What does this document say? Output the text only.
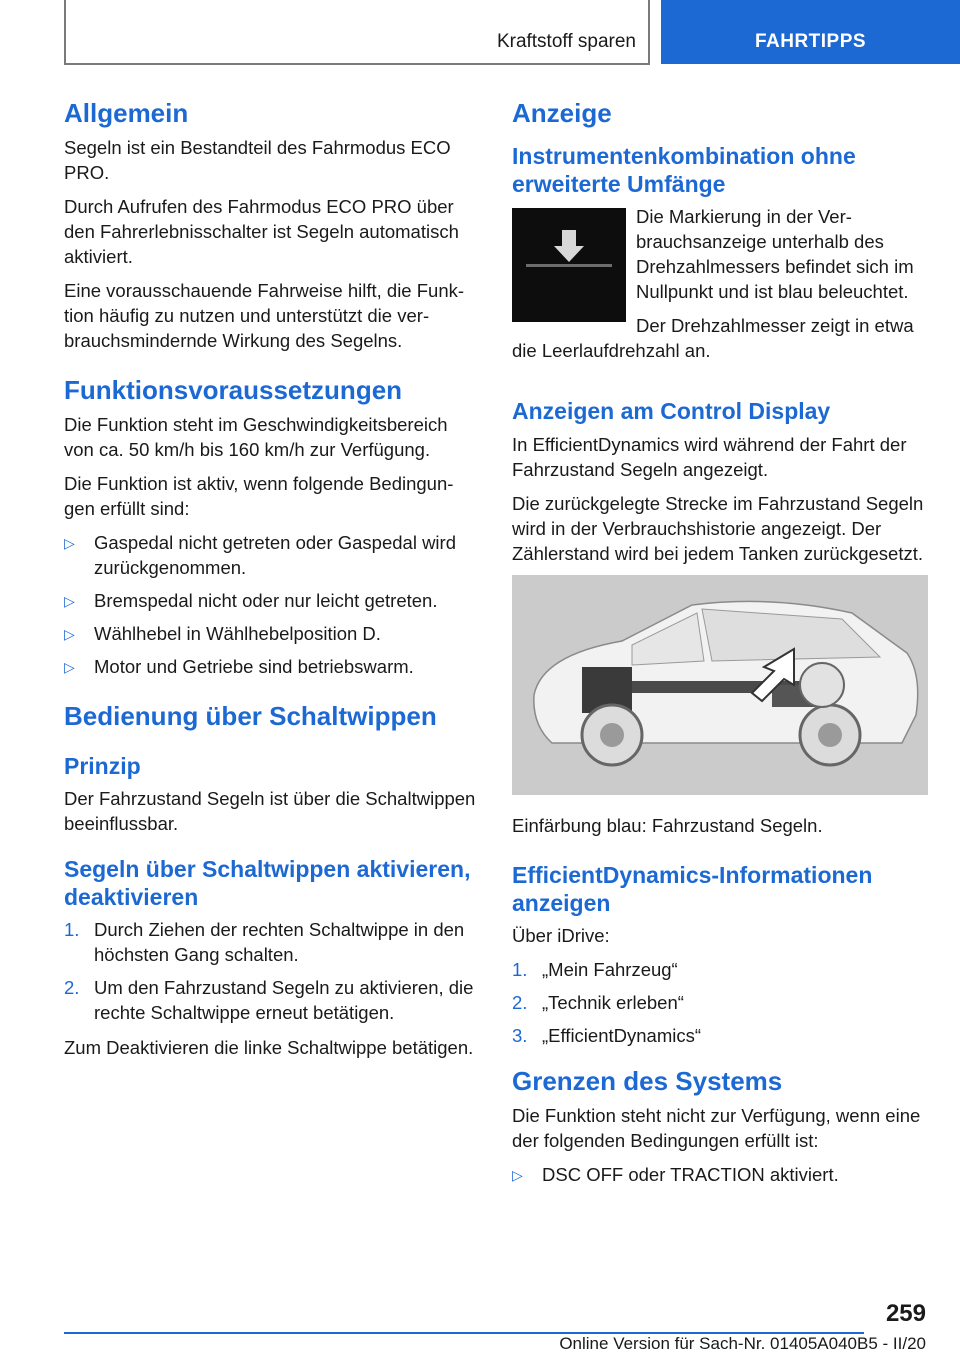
Kraftstoff sparen	FAHRTIPPS
Allgemein

Segeln ist ein Bestandteil des Fahrmodus ECO PRO.

Durch Aufrufen des Fahrmodus ECO PRO über den Fahrerlebnisschalter ist Segeln automatisch aktiviert.

Eine vorausschauende Fahrweise hilft, die Funktion häufig zu nutzen und unterstützt die verbrauchsmindernde Wirkung des Segelns.

Funktionsvoraussetzungen

Die Funktion steht im Geschwindigkeitsbereich von ca. 50 km/h bis 160 km/h zur Verfügung.

Die Funktion ist aktiv, wenn folgende Bedingungen erfüllt sind:

▷ Gaspedal nicht getreten oder Gaspedal wird zurückgenommen.
▷ Bremspedal nicht oder nur leicht getreten.
▷ Wählhebel in Wählhebelposition D.
▷ Motor und Getriebe sind betriebswarm.
Bedienung über Schaltwippen
Prinzip

Der Fahrzustand Segeln ist über die Schaltwippen beeinflussbar.

Segeln über Schaltwippen aktivieren, deaktivieren
1. Durch Ziehen der rechten Schaltwippe in den höchsten Gang schalten.
2. Um den Fahrzustand Segeln zu aktivieren, die rechte Schaltwippe erneut betätigen.

Zum Deaktivieren die linke Schaltwippe betätigen.

Anzeige
Instrumentenkombination ohne erweiterte Umfänge

Die Markierung in der Verbrauchsanzeige unterhalb des Drehzahlmessers befindet sich im Nullpunkt und ist blau beleuchtet.

Der Drehzahlmesser zeigt in etwa die Leerlaufdrehzahl an.

Anzeigen am Control Display

In EfficientDynamics wird während der Fahrt der Fahrzustand Segeln angezeigt.

Die zurückgelegte Strecke im Fahrzustand Segeln wird in der Verbrauchshistorie angezeigt. Der Zählerstand wird bei jedem Tanken zurückgesetzt.

Einfärbung blau: Fahrzustand Segeln.

EfficientDynamics-Informationen anzeigen

Über iDrive:

1. „Mein Fahrzeug“
2. „Technik erleben“
3. „EfficientDynamics“
Grenzen des Systems

Die Funktion steht nicht zur Verfügung, wenn eine der folgenden Bedingungen erfüllt ist:

▷ DSC OFF oder TRACTION aktiviert.
259
Online Version für Sach-Nr. 01405A040B5 - II/20
